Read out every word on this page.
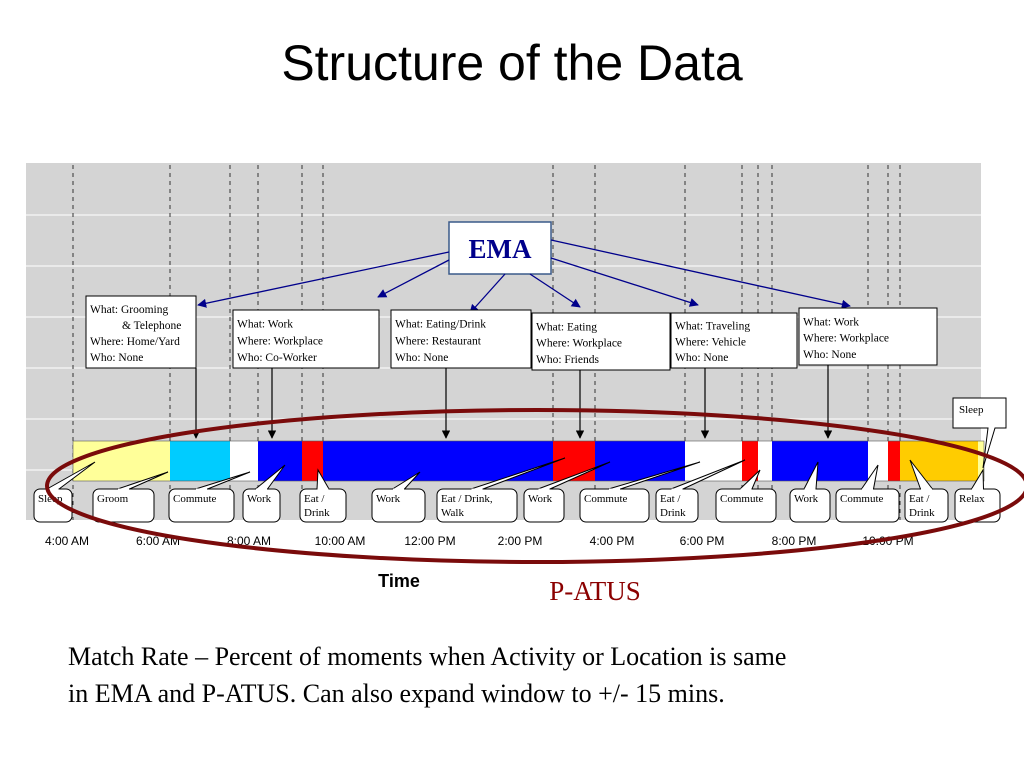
Structure of the Data
EMA
What: Grooming
& Telephone
Where: Home/Yard
Who: None
What: Work
Where: Workplace
Who: Co-Worker
What: Eating/Drink
Where: Restaurant
Who: None
What: Eating
Where: Workplace
Who: Friends
What: Traveling
Where: Vehicle
Who: None
What: Work
Where: Workplace
Who: None
Sleep
Sleep	Groom	Commute	Work	Eat /
Drink
Work	Eat / Drink,
Walk
Work	Commute	Eat /
Drink
Commute	Work Commute Eat /
Drink
Relax
4:00 AM	6:00 AM	8:00 AM	10:00 AM	12:00 PM	2:00 PM	4:00 PM	6:00 PM	8:00 PM	10:00 PM
Time	P-ATUS
Match Rate – Percent of moments when Activity or Location is same
in EMA and P-ATUS. Can also expand window to +/- 15 mins.
